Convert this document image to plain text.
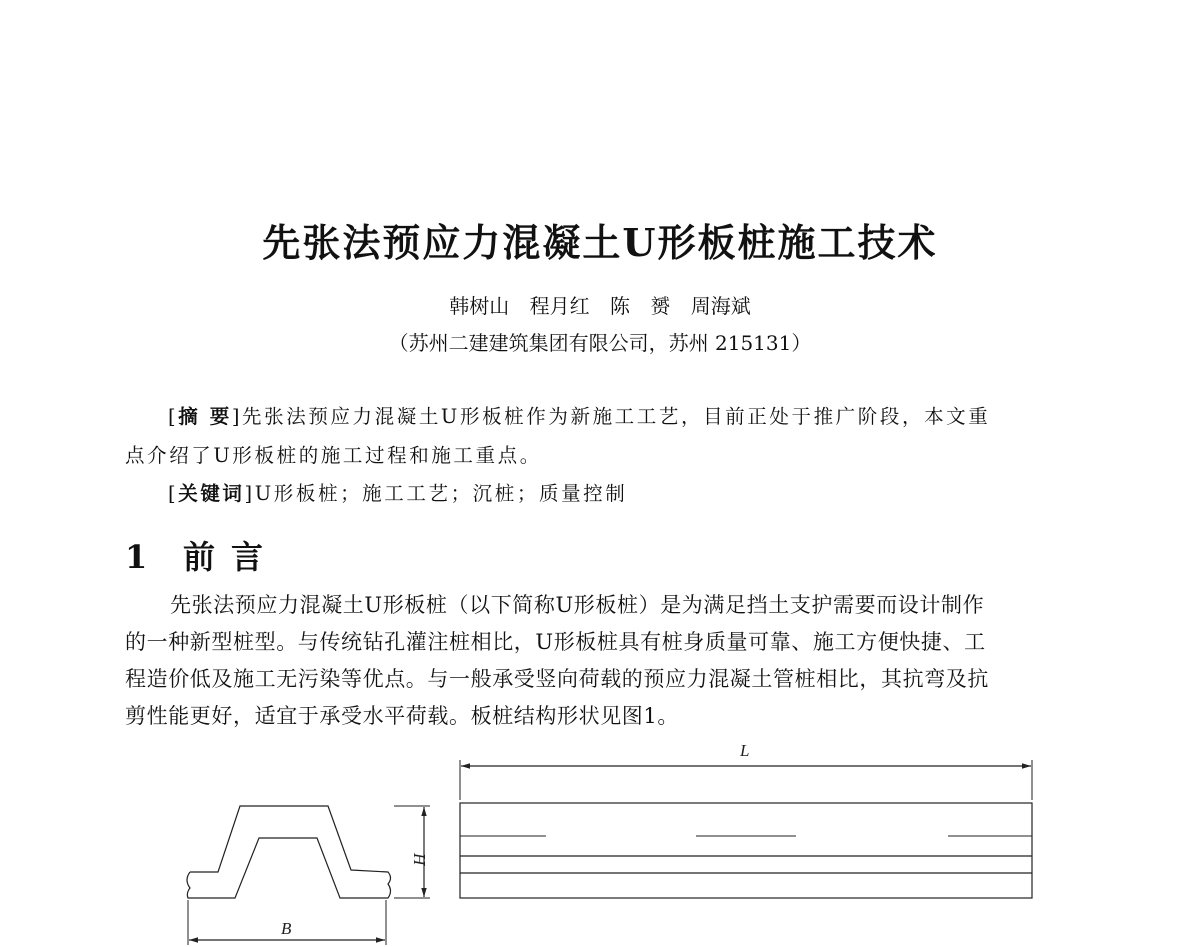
先张法预应力混凝土U形板桩施工技术
韩树山 程月红 陈 赟 周海斌
（苏州二建建筑集团有限公司，苏州 215131）
[摘 要]先张法预应力混凝土U形板桩作为新施工工艺，目前正处于推广阶段，本文重
点介绍了U形板桩的施工过程和施工重点。
[关键词]U形板桩；施工工艺；沉桩；质量控制
1 前言
先张法预应力混凝土U形板桩（以下简称U形板桩）是为满足挡土支护需要而设计制作
的一种新型桩型。与传统钻孔灌注桩相比，U形板桩具有桩身质量可靠、施工方便快捷、工
程造价低及施工无污染等优点。与一般承受竖向荷载的预应力混凝土管桩相比，其抗弯及抗
剪性能更好，适宜于承受水平荷载。板桩结构形状见图1。
L
B
H
